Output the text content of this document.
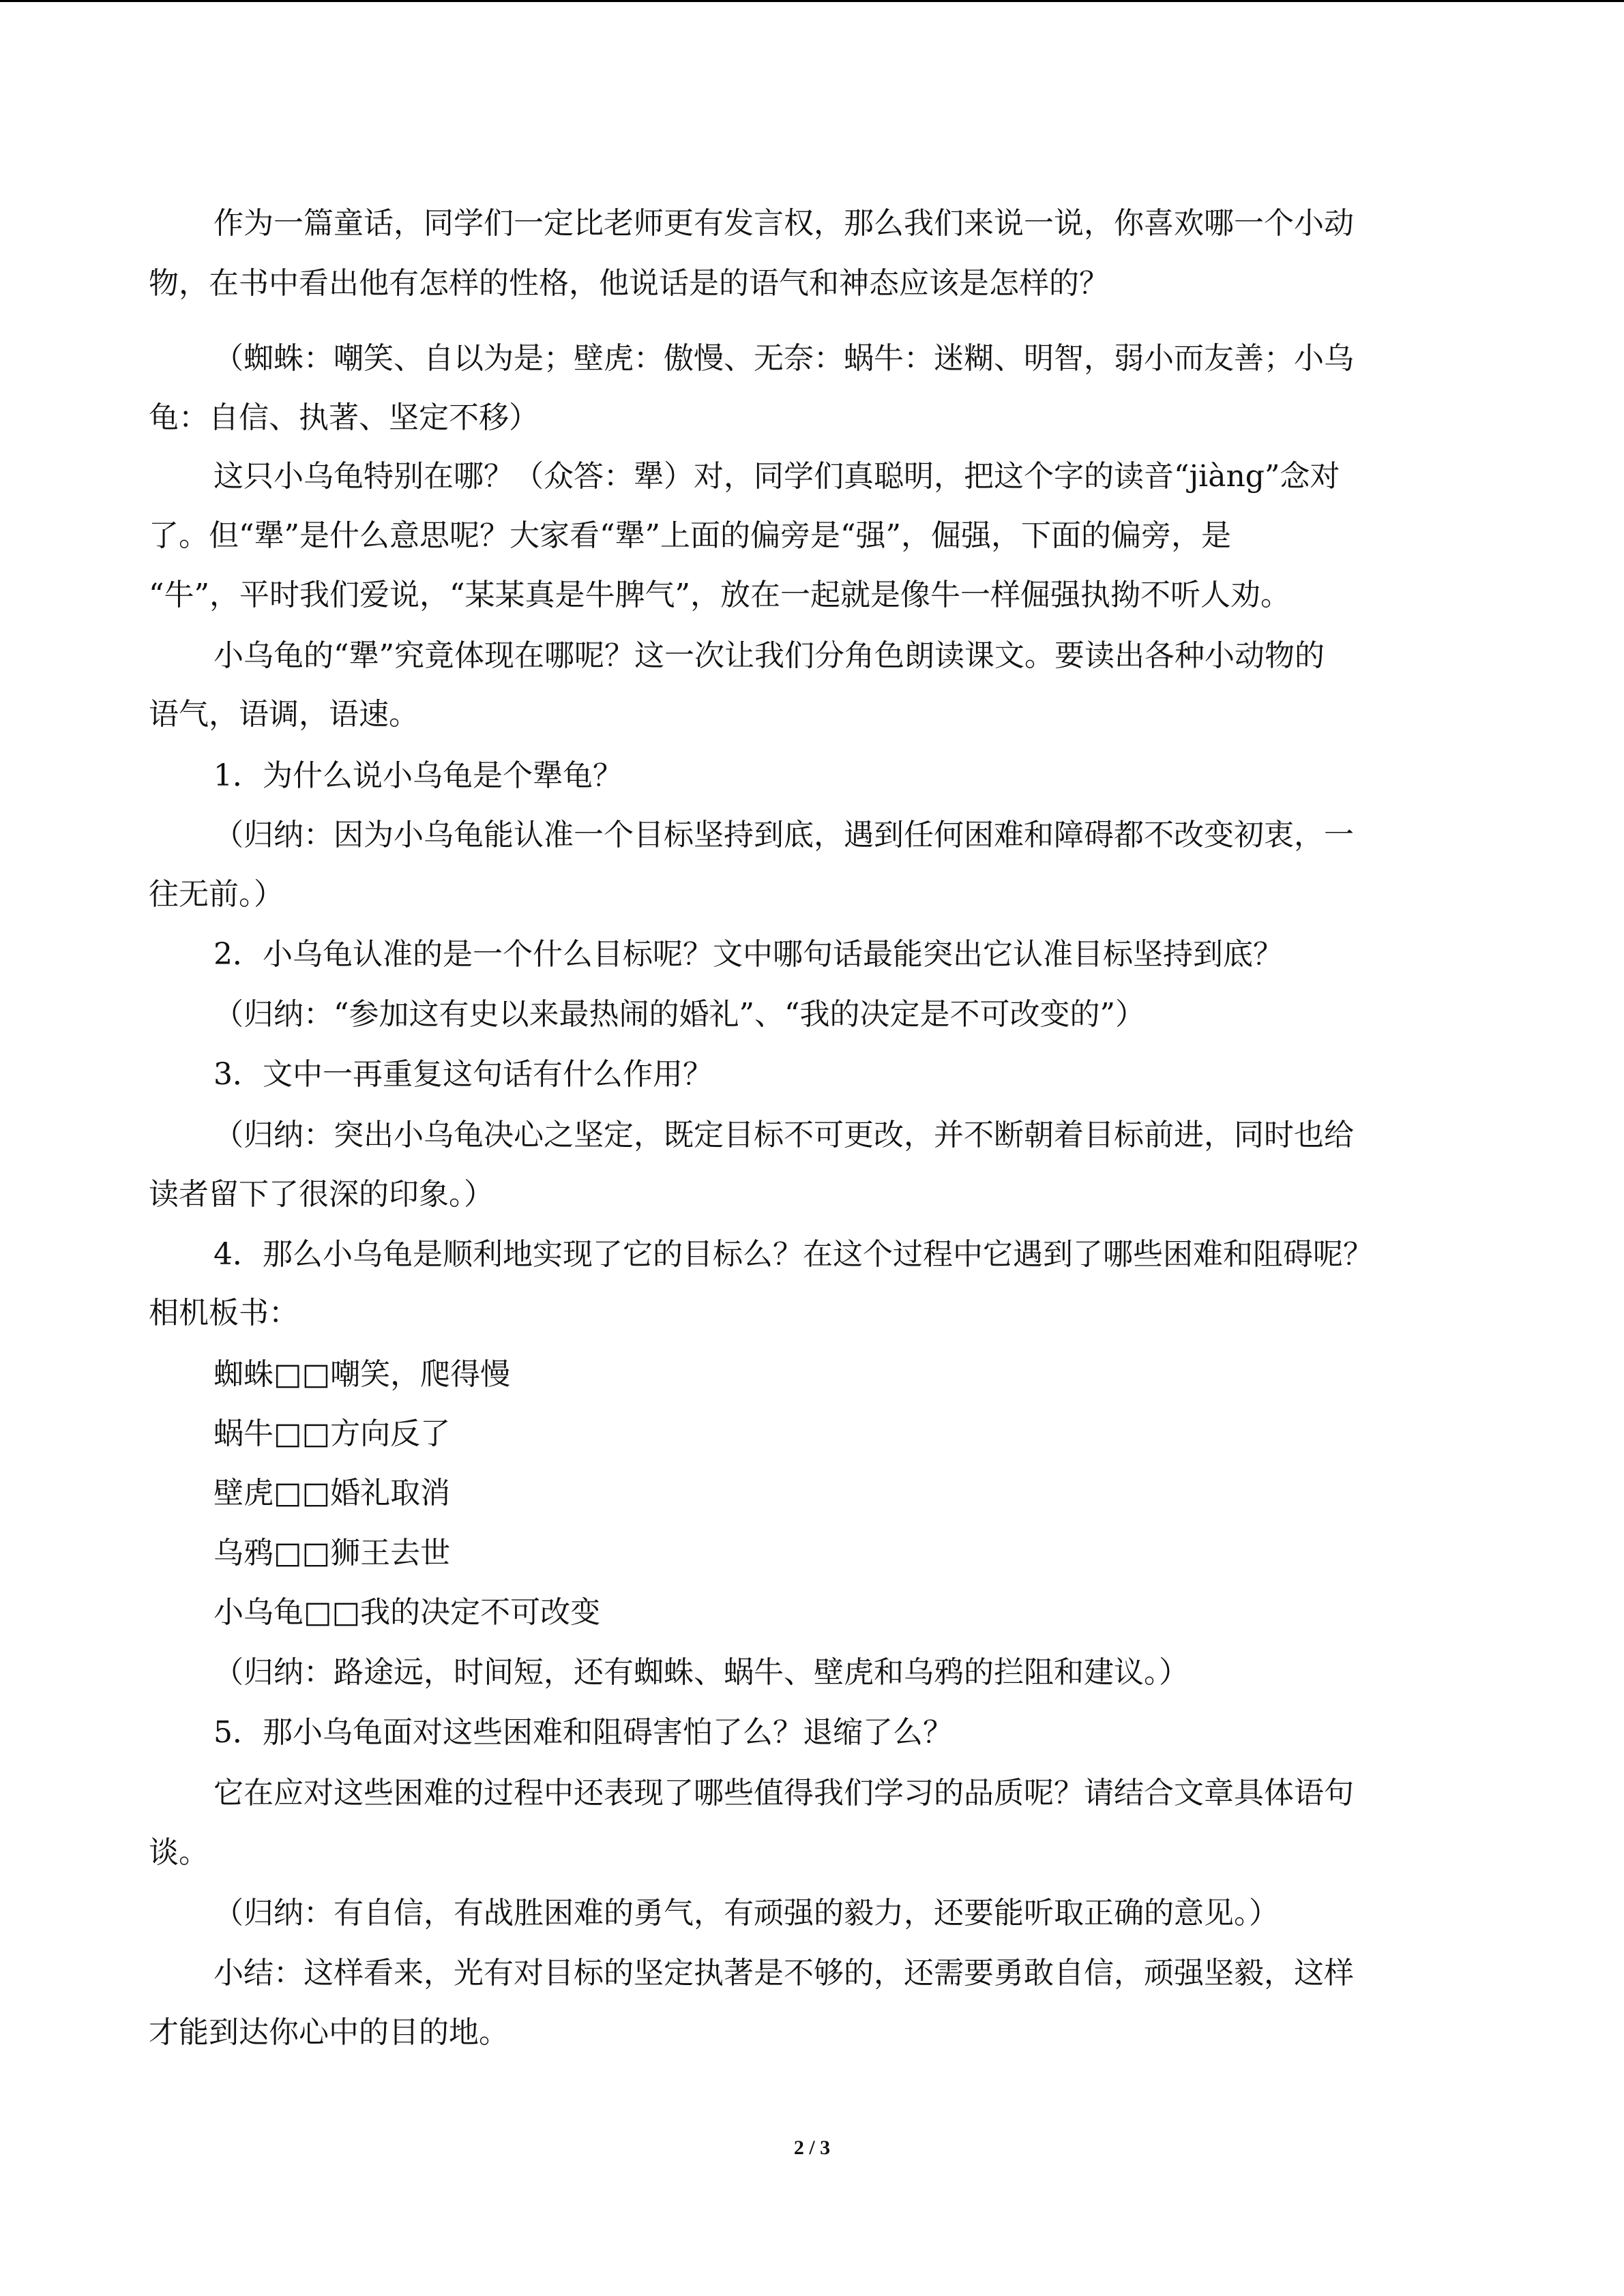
作为一篇童话，同学们一定比老师更有发言权，那么我们来说一说，你喜欢哪一个小动
物，在书中看出他有怎样的性格，他说话是的语气和神态应该是怎样的？
（蜘蛛：嘲笑、自以为是；壁虎：傲慢、无奈：蜗牛：迷糊、明智，弱小而友善；小乌
龟：自信、执著、坚定不移）
这只小乌龟特别在哪？（众答：犟）对，同学们真聪明，把这个字的读音“jiàng”念对
了。但“犟”是什么意思呢？大家看“犟”上面的偏旁是“强”，倔强，下面的偏旁，是
“牛”，平时我们爱说，“某某真是牛脾气”，放在一起就是像牛一样倔强执拗不听人劝。
小乌龟的“犟”究竟体现在哪呢？这一次让我们分角色朗读课文。要读出各种小动物的
语气，语调，语速。
1．为什么说小乌龟是个犟龟？
（归纳：因为小乌龟能认准一个目标坚持到底，遇到任何困难和障碍都不改变初衷，一
往无前。）
2．小乌龟认准的是一个什么目标呢？文中哪句话最能突出它认准目标坚持到底？
（归纳：“参加这有史以来最热闹的婚礼”、“我的决定是不可改变的”）
3．文中一再重复这句话有什么作用？
（归纳：突出小乌龟决心之坚定，既定目标不可更改，并不断朝着目标前进，同时也给
读者留下了很深的印象。）
4．那么小乌龟是顺利地实现了它的目标么？在这个过程中它遇到了哪些困难和阻碍呢？
相机板书：
蜘蛛□□嘲笑，爬得慢
蜗牛□□方向反了
壁虎□□婚礼取消
乌鸦□□狮王去世
小乌龟□□我的决定不可改变
（归纳：路途远，时间短，还有蜘蛛、蜗牛、壁虎和乌鸦的拦阻和建议。）
5．那小乌龟面对这些困难和阻碍害怕了么？退缩了么？
它在应对这些困难的过程中还表现了哪些值得我们学习的品质呢？请结合文章具体语句
谈。
（归纳：有自信，有战胜困难的勇气，有顽强的毅力，还要能听取正确的意见。）
小结：这样看来，光有对目标的坚定执著是不够的，还需要勇敢自信，顽强坚毅，这样
才能到达你心中的目的地。
2 / 3
